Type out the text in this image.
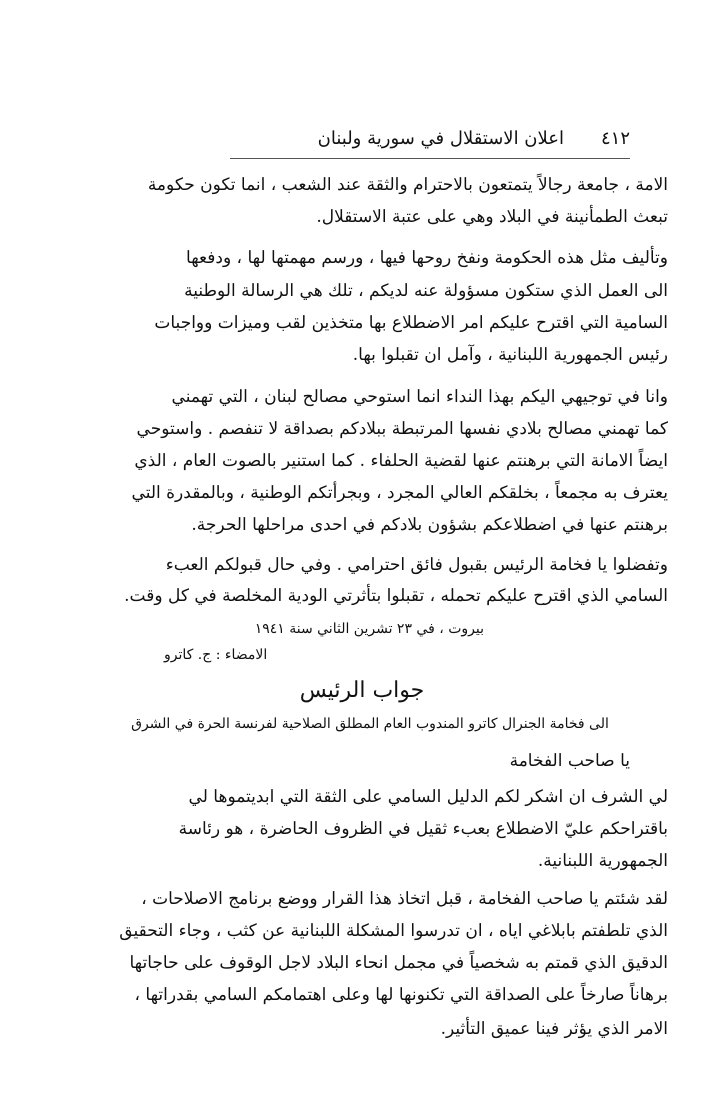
٤١٢
اعلان الاستقلال في سورية ولبنان
الامة ، جامعة رجالاً يتمتعون بالاحترام والثقة عند الشعب ، انما تكون حكومة
تبعث الطمأنينة في البلاد وهي على عتبة الاستقلال.
وتأليف مثل هذه الحكومة ونفخ روحها فيها ، ورسم مهمتها لها ، ودفعها
الى العمل الذي ستكون مسؤولة عنه لديكم ، تلك هي الرسالة الوطنية
السامية التي اقترح عليكم امر الاضطلاع بها متخذين لقب وميزات وواجبات
رئيس الجمهورية اللبنانية ، وآمل ان تقبلوا بها.
وانا في توجيهي اليكم بهذا النداء انما استوحي مصالح لبنان ، التي تهمني
كما تهمني مصالح بلادي نفسها المرتبطة ببلادكم بصداقة لا تنفصم . واستوحي
ايضاً الامانة التي برهنتم عنها لقضية الحلفاء . كما استنير بالصوت العام ، الذي
يعترف به مجمعاً ، بخلقكم العالي المجرد ، وبجرأتكم الوطنية ، وبالمقدرة التي
برهنتم عنها في اضطلاعكم بشؤون بلادكم في احدى مراحلها الحرجة.
وتفضلوا يا فخامة الرئيس بقبول فائق احترامي . وفي حال قبولكم العبء
السامي الذي اقترح عليكم تحمله ، تقبلوا بتأثرتي الودية المخلصة في كل وقت.
بيروت ، في ٢٣ تشرين الثاني سنة ١٩٤١
الامضاء : ج. كاترو
جواب الرئيس
الى فخامة الجنرال كاترو المندوب العام المطلق الصلاحية لفرنسة الحرة في الشرق
يا صاحب الفخامة
لي الشرف ان اشكر لكم الدليل السامي على الثقة التي ابديتموها لي
باقتراحكم عليّ الاضطلاع بعبء ثقيل في الظروف الحاضرة ، هو رئاسة
الجمهورية اللبنانية.
لقد شئتم يا صاحب الفخامة ، قبل اتخاذ هذا القرار ووضع برنامج الاصلاحات ،
الذي تلطفتم بابلاغي اياه ، ان تدرسوا المشكلة اللبنانية عن كثب ، وجاء التحقيق
الدقيق الذي قمتم به شخصياً في مجمل انحاء البلاد لاجل الوقوف على حاجاتها
برهاناً صارخاً على الصداقة التي تكنونها لها وعلى اهتمامكم السامي بقدراتها ،
الامر الذي يؤثر فينا عميق التأثير.
